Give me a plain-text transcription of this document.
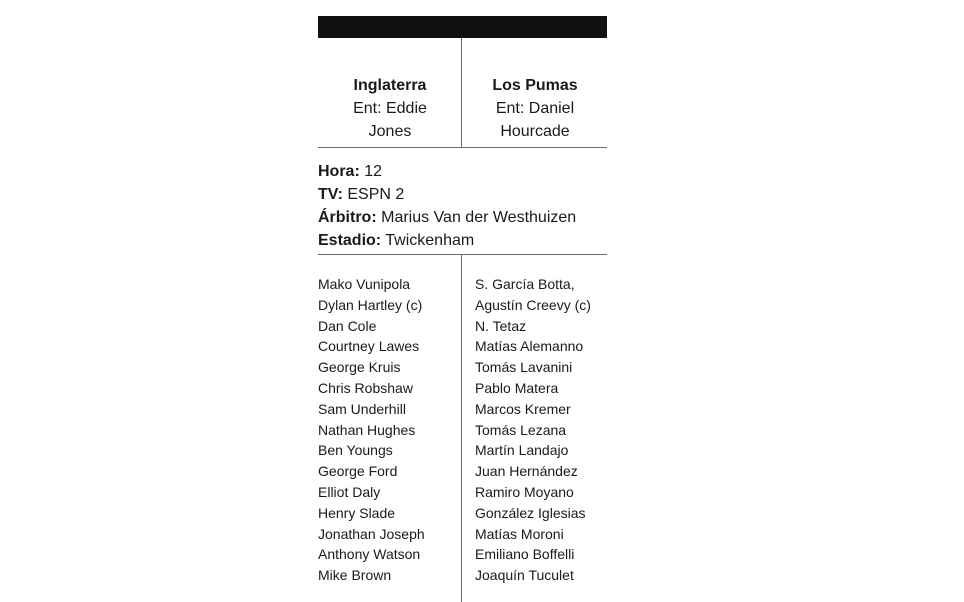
Inglaterra
Ent: Eddie
Jones
Los Pumas
Ent: Daniel
Hourcade
Hora: 12
TV: ESPN 2
Árbitro: Marius Van der Westhuizen
Estadio: Twickenham
Mako Vunipola
Dylan Hartley (c)
Dan Cole
Courtney Lawes
George Kruis
Chris Robshaw
Sam Underhill
Nathan Hughes
Ben Youngs
George Ford
Elliot Daly
Henry Slade
Jonathan Joseph
Anthony Watson
Mike Brown
S. García Botta,
Agustín Creevy (c)
N. Tetaz
Matías Alemanno
Tomás Lavanini
Pablo Matera
Marcos Kremer
Tomás Lezana
Martín Landajo
Juan Hernández
Ramiro Moyano
González Iglesias
Matías Moroni
Emiliano Boffelli
Joaquín Tuculet
